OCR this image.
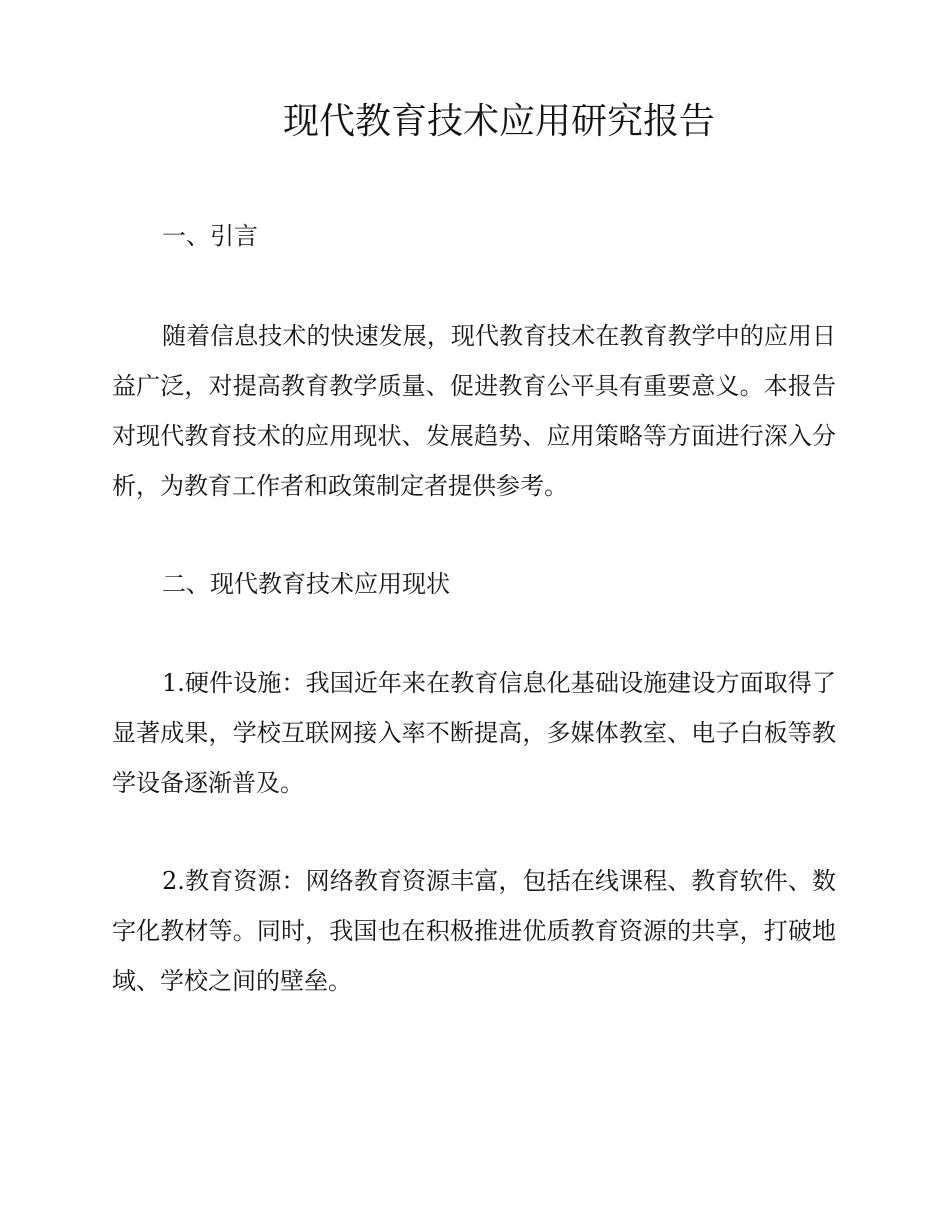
现代教育技术应用研究报告
一、引言

随着信息技术的快速发展，现代教育技术在教育教学中的应用日益广泛，对提高教育教学质量、促进教育公平具有重要意义。本报告对现代教育技术的应用现状、发展趋势、应用策略等方面进行深入分析，为教育工作者和政策制定者提供参考。

二、现代教育技术应用现状

1.硬件设施：我国近年来在教育信息化基础设施建设方面取得了显著成果，学校互联网接入率不断提高，多媒体教室、电子白板等教学设备逐渐普及。

2.教育资源：网络教育资源丰富，包括在线课程、教育软件、数字化教材等。同时，我国也在积极推进优质教育资源的共享，打破地域、学校之间的壁垒。
